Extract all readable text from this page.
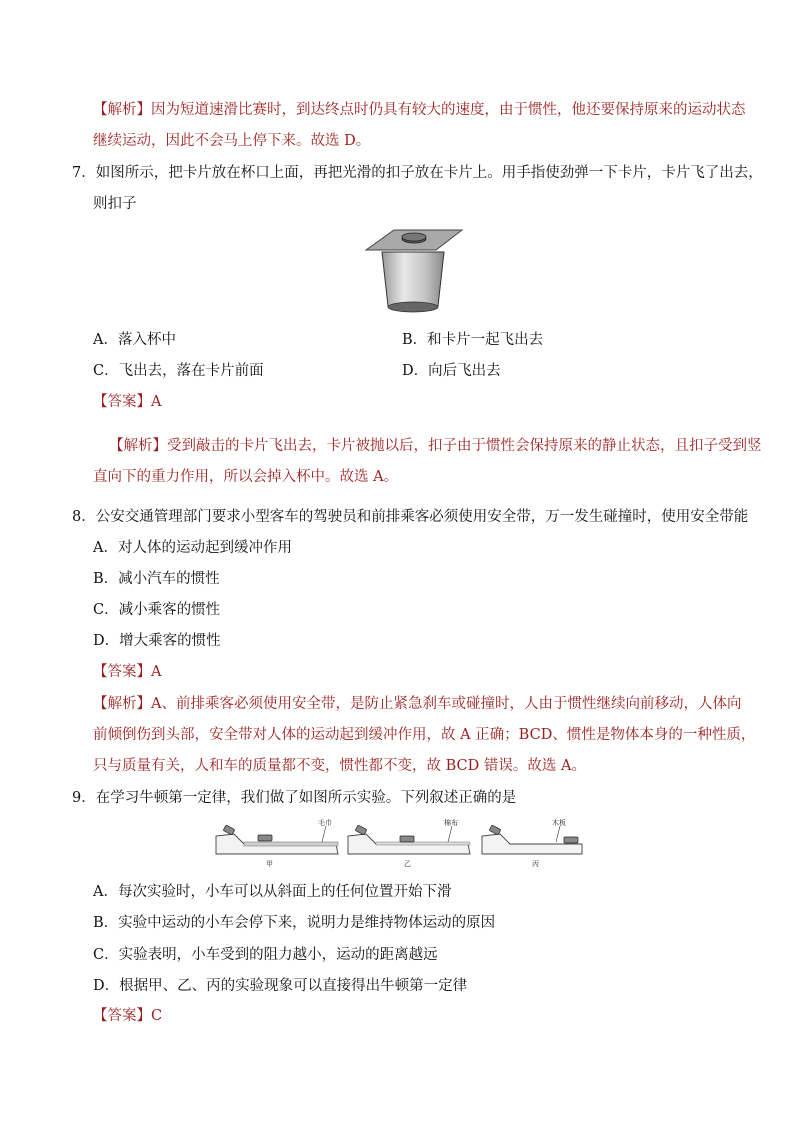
【解析】因为短道速滑比赛时，到达终点时仍具有较大的速度，由于惯性，他还要保持原来的运动状态
继续运动，因此不会马上停下来。故选 D。
7．如图所示，把卡片放在杯口上面，再把光滑的扣子放在卡片上。用手指使劲弹一下卡片，卡片飞了出去，
则扣子
A．落入杯中	B．和卡片一起飞出去
C．飞出去，落在卡片前面	D．向后飞出去
【答案】A
【解析】受到敲击的卡片飞出去，卡片被抛以后，扣子由于惯性会保持原来的静止状态，且扣子受到竖
直向下的重力作用，所以会掉入杯中。故选 A。
8．公安交通管理部门要求小型客车的驾驶员和前排乘客必须使用安全带，万一发生碰撞时，使用安全带能
A．对人体的运动起到缓冲作用
B．减小汽车的惯性
C．减小乘客的惯性
D．增大乘客的惯性
【答案】A
【解析】A、前排乘客必须使用安全带，是防止紧急刹车或碰撞时，人由于惯性继续向前移动，人体向
前倾倒伤到头部，安全带对人体的运动起到缓冲作用，故 A 正确；BCD、惯性是物体本身的一种性质，
只与质量有关，人和车的质量都不变，惯性都不变，故 BCD 错误。故选 A。
9．在学习牛顿第一定律，我们做了如图所示实验。下列叙述正确的是
毛巾
甲
棉布
乙
木板
丙
A．每次实验时，小车可以从斜面上的任何位置开始下滑
B．实验中运动的小车会停下来，说明力是维持物体运动的原因
C．实验表明，小车受到的阻力越小，运动的距离越远
D．根据甲、乙、丙的实验现象可以直接得出牛顿第一定律
【答案】C
